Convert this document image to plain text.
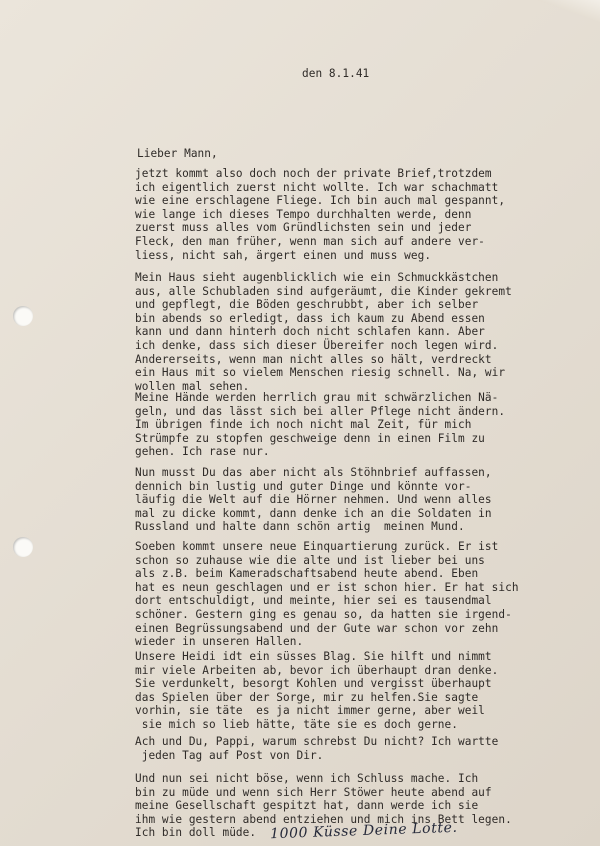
den 8.1.41
Lieber Mann,
jetzt kommt also doch noch der private Brief,trotzdem
ich eigentlich zuerst nicht wollte. Ich war schachmatt
wie eine erschlagene Fliege. Ich bin auch mal gespannt,
wie lange ich dieses Tempo durchhalten werde, denn
zuerst muss alles vom Gründlichsten sein und jeder
Fleck, den man früher, wenn man sich auf andere ver-
liess, nicht sah, ärgert einen und muss weg.
Mein Haus sieht augenblicklich wie ein Schmuckkästchen
aus, alle Schubladen sind aufgeräumt, die Kinder gekremt
und gepflegt, die Böden geschrubbt, aber ich selber
bin abends so erledigt, dass ich kaum zu Abend essen
kann und dann hinterh doch nicht schlafen kann. Aber
ich denke, dass sich dieser Übereifer noch legen wird.
Andererseits, wenn man nicht alles so hält, verdreckt
ein Haus mit so vielem Menschen riesig schnell. Na, wir
wollen mal sehen.
Meine Hände werden herrlich grau mit schwärzlichen Nä-
geln, und das lässt sich bei aller Pflege nicht ändern.
Im übrigen finde ich noch nicht mal Zeit, für mich
Strümpfe zu stopfen geschweige denn in einen Film zu
gehen. Ich rase nur.
Nun musst Du das aber nicht als Stöhnbrief auffassen,
dennich bin lustig und guter Dinge und könnte vor-
läufig die Welt auf die Hörner nehmen. Und wenn alles
mal zu dicke kommt, dann denke ich an die Soldaten in
Russland und halte dann schön artig  meinen Mund.
Soeben kommt unsere neue Einquartierung zurück. Er ist
schon so zuhause wie die alte und ist lieber bei uns
als z.B. beim Kameradschaftsabend heute abend. Eben
hat es neun geschlagen und er ist schon hier. Er hat sich
dort entschuldigt, und meinte, hier sei es tausendmal
schöner. Gestern ging es genau so, da hatten sie irgend-
einen Begrüssungsabend und der Gute war schon vor zehn
wieder in unseren Hallen.
Unsere Heidi idt ein süsses Blag. Sie hilft und nimmt
mir viele Arbeiten ab, bevor ich überhaupt dran denke.
Sie verdunkelt, besorgt Kohlen und vergisst überhaupt
das Spielen über der Sorge, mir zu helfen.Sie sagte
vorhin, sie täte  es ja nicht immer gerne, aber weil
sie mich so lieb hätte, täte sie es doch gerne.
Ach und Du, Pappi, warum schrebst Du nicht? Ich wartte
jeden Tag auf Post von Dir.
Und nun sei nicht böse, wenn ich Schluss mache. Ich
bin zu müde und wenn sich Herr Stöwer heute abend auf
meine Gesellschaft gespitzt hat, dann werde ich sie
ihm wie gestern abend entziehen und mich ins Bett legen.
Ich bin doll müde. 1000 Küsse Deine Lotte.
